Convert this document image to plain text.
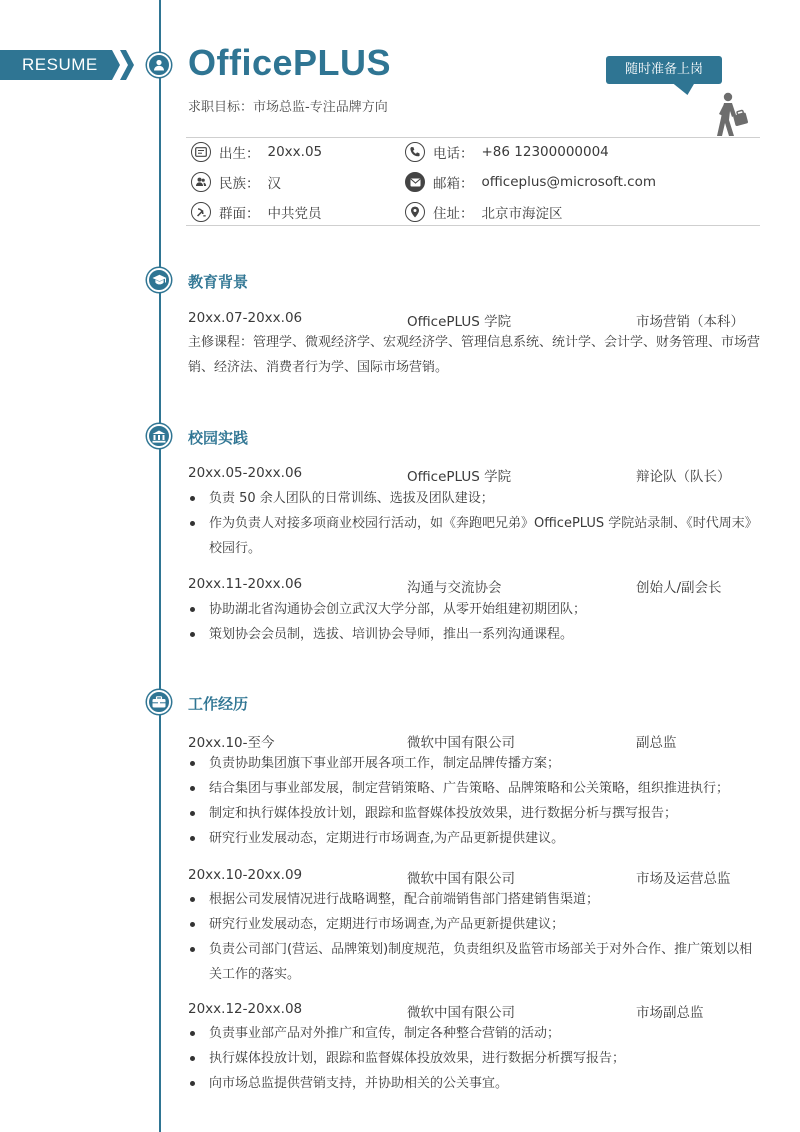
RESUME	OfficePLUS
求职目标：市场总监-专注品牌方向
随时准备上岗
出生： 20xx.05	电话： +86 12300000004
民族： 汉	邮箱： officeplus@microsoft.com
群面： 中共党员	住址： 北京市海淀区
教育背景
20xx.07-20xx.06	OfficePLUS 学院	市场营销（本科）
主修课程：管理学、微观经济学、宏观经济学、管理信息系统、统计学、会计学、财务管理、市场营销、经济法、消费者行为学、国际市场营销。
校园实践
20xx.05-20xx.06	OfficePLUS 学院	辩论队（队长）
负责 50 余人团队的日常训练、选拔及团队建设；
作为负责人对接多项商业校园行活动，如《奔跑吧兄弟》OfficePLUS 学院站录制、《时代周末》校园行。
20xx.11-20xx.06	沟通与交流协会	创始人/副会长
协助湖北省沟通协会创立武汉大学分部，从零开始组建初期团队；
策划协会会员制，选拔、培训协会导师，推出一系列沟通课程。
工作经历
20xx.10-至今	微软中国有限公司	副总监
负责协助集团旗下事业部开展各项工作，制定品牌传播方案；
结合集团与事业部发展，制定营销策略、广告策略、品牌策略和公关策略，组织推进执行；
制定和执行媒体投放计划，跟踪和监督媒体投放效果，进行数据分析与撰写报告；
研究行业发展动态，定期进行市场调查,为产品更新提供建议。
20xx.10-20xx.09	微软中国有限公司	市场及运营总监
根据公司发展情况进行战略调整，配合前端销售部门搭建销售渠道；
研究行业发展动态，定期进行市场调查,为产品更新提供建议；
负责公司部门(营运、品牌策划)制度规范，负责组织及监管市场部关于对外合作、推广策划以相关工作的落实。
20xx.12-20xx.08	微软中国有限公司	市场副总监
负责事业部产品对外推广和宣传，制定各种整合营销的活动；
执行媒体投放计划，跟踪和监督媒体投放效果，进行数据分析撰写报告；
向市场总监提供营销支持，并协助相关的公关事宜。
